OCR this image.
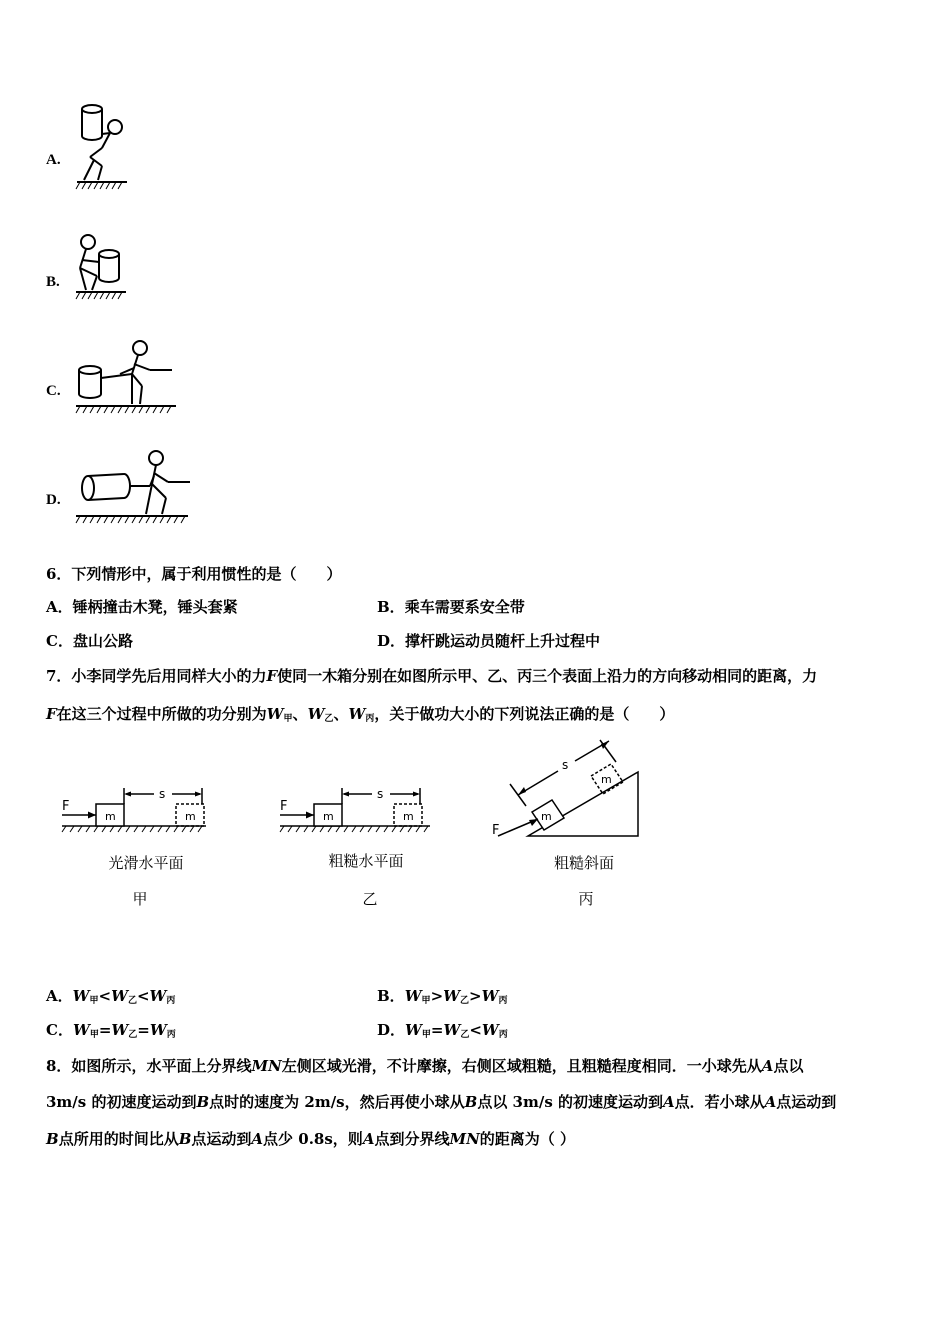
A.
B.
C.
D.
6．下列情形中，属于利用惯性的是（　　）
A．锤柄撞击木凳，锤头套紧	B．乘车需要系安全带
C．盘山公路	D．撑杆跳运动员随杆上升过程中
7．小李同学先后用同样大小的力F使同一木箱分别在如图所示甲、乙、丙三个表面上沿力的方向移动相同的距离，力
F在这三个过程中所做的功分别为$W_甲$、$W_乙$、$W_丙$，关于做功大小的下列说法正确的是（　　）
F
m	m
s
光滑水平面
甲
F
m	m
s
粗糙水平面
乙
F
m
m
s
粗糙斜面
丙
A．$W_甲<W_乙<W_丙$	B．$W_甲>W_乙>W_丙$
C．$W_甲=W_乙=W_丙$	D．$W_甲=W_乙<W_丙$
8．如图所示，水平面上分界线MN左侧区域光滑，不计摩擦，右侧区域粗糙，且粗糙程度相同．一小球先从A点以
3m/s 的初速度运动到B点时的速度为 2m/s，然后再使小球从B点以 3m/s 的初速度运动到A点．若小球从A点运动到
B点所用的时间比从B点运动到A点少 0.8s，则A点到分界线MN的距离为（ ）
